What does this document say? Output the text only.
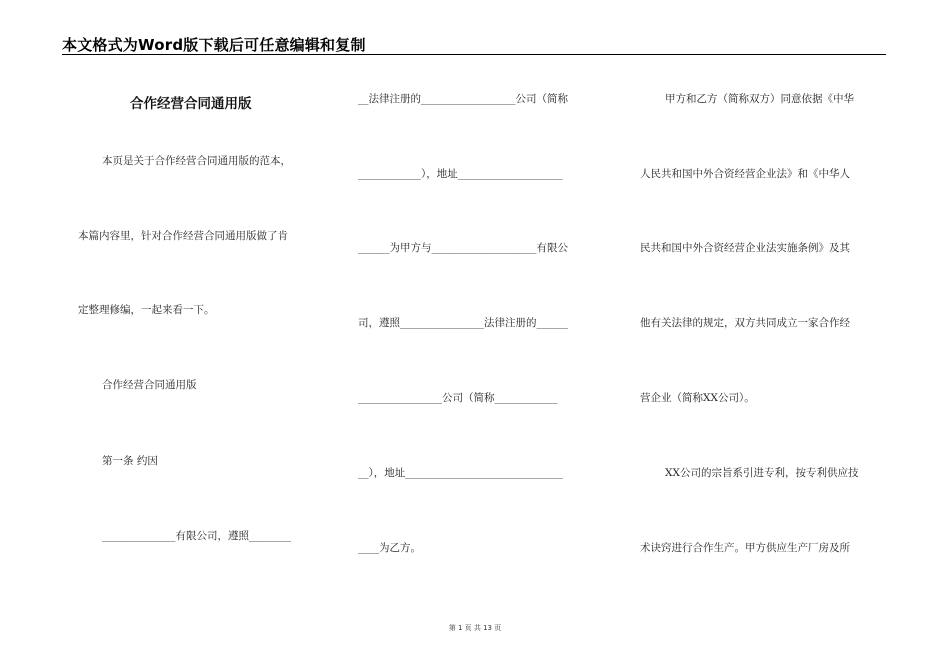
本文格式为Word版下载后可任意编辑和复制
合作经营合同通用版
本页是关于合作经营合同通用版的范本，
本篇内容里，针对合作经营合同通用版做了肯
定整理修编，一起来看一下。
合作经营合同通用版
第一条 约因
______________有限公司，遵照________
__法律注册的__________________公司（简称
____________），地址____________________
______为甲方与____________________有限公
司，遵照________________法律注册的______
________________公司（简称____________
__），地址______________________________
____为乙方。
甲方和乙方（简称双方）同意依据《中华
人民共和国中外合资经营企业法》和《中华人
民共和国中外合资经营企业法实施条例》及其
他有关法律的规定，双方共同成立一家合作经
营企业（简称XX公司）。
XX公司的宗旨系引进专利，按专利供应技
术诀窍进行合作生产。甲方供应生产厂房及所
第 1 页 共 13 页
